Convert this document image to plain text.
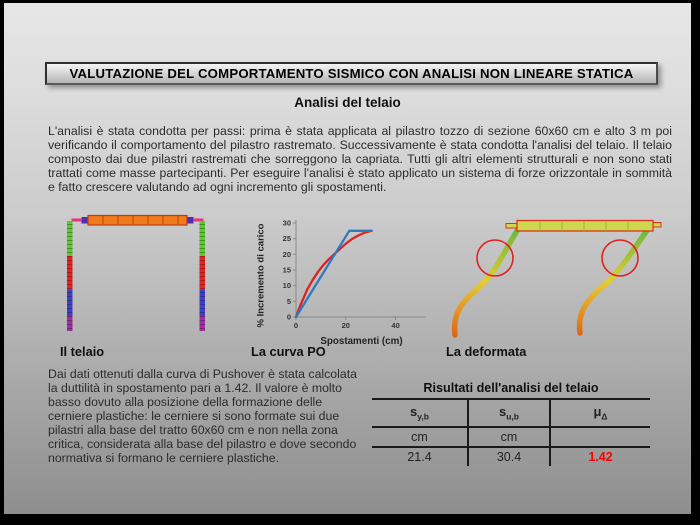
VALUTAZIONE DEL COMPORTAMENTO SISMICO CON ANALISI NON LINEARE STATICA
Analisi del telaio

L'analisi è stata condotta per passi: prima è stata applicata al pilastro tozzo di sezione 60x60 cm e alto 3 m poi verificando il comportamento del pilastro rastremato. Successivamente è stata condotta l'analisi del telaio. Il telaio composto dai due pilastri rastremati che sorreggono la capriata. Tutti gli altri elementi strutturali e non sono stati trattati come masse partecipanti. Per eseguire l'analisi è stato applicato un sistema di forze orizzontale in sommità e fatto crescere valutando ad ogni incremento gli spostamenti.

% Incremento di carico	0
5
10
15
20
25
30
0	20	40
Spostamenti (cm)
Il telaio	La curva PO	La deformata

Dai dati ottenuti dalla curva di Pushover è stata calcolata la duttilità in spostamento pari a 1.42. Il valore è molto basso dovuto alla posizione della formazione delle cerniere plastiche: le cerniere si sono formate sui due pilastri alla base del tratto 60x60 cm e non nella zona critica, considerata alla base del pilastro e dove secondo normativa si formano le cerniere plastiche.

Risultati dell'analisi del telaio
$s_{y,b}$	$s_{u,b}$	$\mu_\Delta$
cm	cm	
21.4	30.4	1.42
